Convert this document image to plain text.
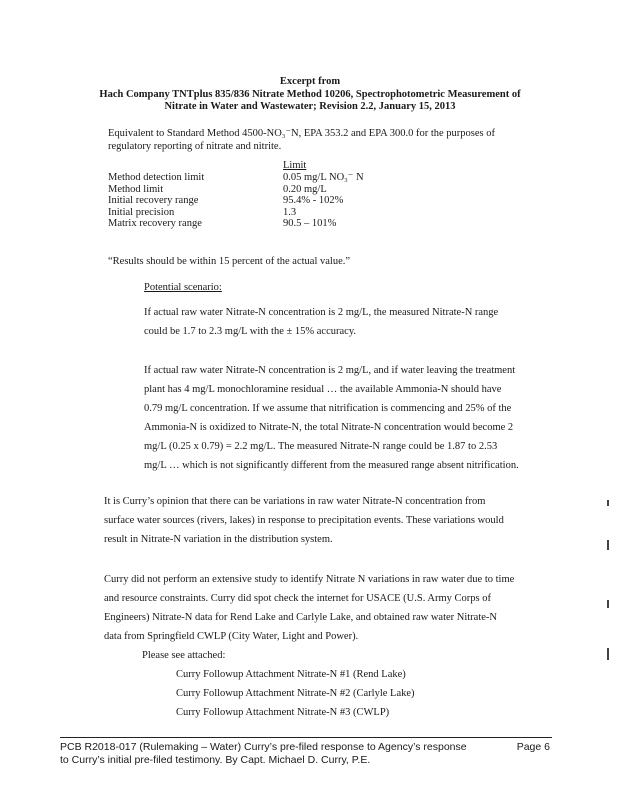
Excerpt from
Hach Company TNTplus 835/836 Nitrate Method 10206, Spectrophotometric Measurement of
Nitrate in Water and Wastewater; Revision 2.2, January 15, 2013
Equivalent to Standard Method 4500-NO₃⁻N, EPA 353.2 and EPA 300.0 for the purposes of
regulatory reporting of nitrate and nitrite.
	Limit
Method detection limit	0.05 mg/L NO₃⁻ N
Method limit	0.20 mg/L
Initial recovery range	95.4% - 102%
Initial precision	1.3
Matrix recovery range	90.5 – 101%
“Results should be within 15 percent of the actual value.”
Potential scenario:
If actual raw water Nitrate-N concentration is 2 mg/L, the measured Nitrate-N range
could be 1.7 to 2.3 mg/L with the ± 15% accuracy.
If actual raw water Nitrate-N concentration is 2 mg/L, and if water leaving the treatment
plant has 4 mg/L monochloramine residual … the available Ammonia-N should have
0.79 mg/L concentration. If we assume that nitrification is commencing and 25% of the
Ammonia-N is oxidized to Nitrate-N, the total Nitrate-N concentration would become 2
mg/L (0.25 x 0.79) = 2.2 mg/L. The measured Nitrate-N range could be 1.87 to 2.53
mg/L … which is not significantly different from the measured range absent nitrification.
It is Curry’s opinion that there can be variations in raw water Nitrate-N concentration from
surface water sources (rivers, lakes) in response to precipitation events. These variations would
result in Nitrate-N variation in the distribution system.
Curry did not perform an extensive study to identify Nitrate N variations in raw water due to time
and resource constraints. Curry did spot check the internet for USACE (U.S. Army Corps of
Engineers) Nitrate-N data for Rend Lake and Carlyle Lake, and obtained raw water Nitrate-N
data from Springfield CWLP (City Water, Light and Power).
Please see attached:
Curry Followup Attachment Nitrate-N #1 (Rend Lake)
Curry Followup Attachment Nitrate-N #2 (Carlyle Lake)
Curry Followup Attachment Nitrate-N #3 (CWLP)
PCB R2018-017 (Rulemaking – Water) Curry’s pre-filed response to Agency’s response
to Curry’s initial pre-filed testimony. By Capt. Michael D. Curry, P.E.
Page 6
